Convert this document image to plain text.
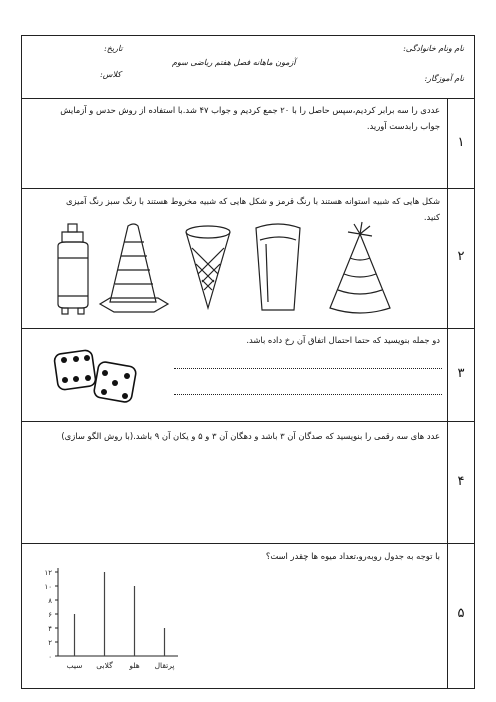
نام ونام خانوادگی:
نام آموزگار:
آزمون ماهانه فصل هفتم ریاضی سوم
تاریخ:
کلاس:
۱
۲
۳
۴
۵
عددی را سه برابر کردیم،سپس حاصل را با ۲۰ جمع کردیم و جواب ۴۷ شد.با استفاده از روش حدس و آزمایش جواب رابدست آورید.
شکل هایی که شبیه استوانه هستند با رنگ قرمز و شکل هایی که شبیه مخروط هستند با رنگ سبز رنگ آمیزی کنید.
دو جمله بنویسید که حتما احتمال اتفاق آن رخ داده باشد.
عدد های سه رقمی را بنویسید که صدگان آن ۳ باشد و دهگان آن ۳ و ۵ و یکان آن ۹ باشد.(با روش الگو سازی)
با توجه به جدول روبه‌رو،تعداد میوه ها چقدر است؟
۰
۲
۴
۶
۸
۱۰
۱۲
سیب گلابی هلو پرتقال
